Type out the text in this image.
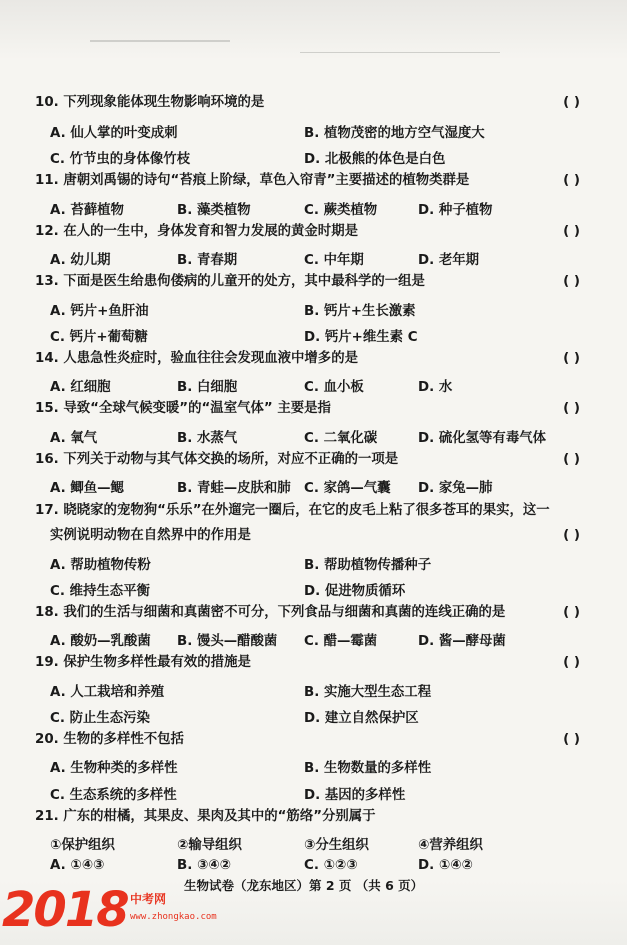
10. 下列现象能体现生物影响环境的是	( )
A. 仙人掌的叶变成刺	B. 植物茂密的地方空气湿度大
C. 竹节虫的身体像竹枝	D. 北极熊的体色是白色
11. 唐朝刘禹锡的诗句“苔痕上阶绿，草色入帘青”主要描述的植物类群是	( )
A. 苔藓植物	B. 藻类植物	C. 蕨类植物	D. 种子植物
12. 在人的一生中，身体发育和智力发展的黄金时期是	( )
A. 幼儿期	B. 青春期	C. 中年期	D. 老年期
13. 下面是医生给患佝偻病的儿童开的处方，其中最科学的一组是	( )
A. 钙片+鱼肝油	B. 钙片+生长激素
C. 钙片+葡萄糖	D. 钙片+维生素 C
14. 人患急性炎症时，验血往往会发现血液中增多的是	( )
A. 红细胞	B. 白细胞	C. 血小板	D. 水
15. 导致“全球气候变暖”的“温室气体” 主要是指	( )
A. 氧气	B. 水蒸气	C. 二氧化碳	D. 硫化氢等有毒气体
16. 下列关于动物与其气体交换的场所，对应不正确的一项是	( )
A. 鲫鱼—鳃	B. 青蛙—皮肤和肺 C. 家鸽—气囊 D. 家兔—肺
17. 晓晓家的宠物狗“乐乐”在外遛完一圈后，在它的皮毛上粘了很多苍耳的果实，这一
实例说明动物在自然界中的作用是	( )
A. 帮助植物传粉	B. 帮助植物传播种子
C. 维持生态平衡	D. 促进物质循环
18. 我们的生活与细菌和真菌密不可分，下列食品与细菌和真菌的连线正确的是	( )
A. 酸奶—乳酸菌 B. 馒头—醋酸菌 C. 醋—霉菌	D. 酱—酵母菌
19. 保护生物多样性最有效的措施是	( )
A. 人工栽培和养殖	B. 实施大型生态工程
C. 防止生态污染	D. 建立自然保护区
20. 生物的多样性不包括	( )
A. 生物种类的多样性	B. 生物数量的多样性
C. 生态系统的多样性	D. 基因的多样性
21. 广东的柑橘，其果皮、果肉及其中的“筋络”分别属于
①保护组织	②输导组织	③分生组织	④营养组织
A. ①④③	B. ③④②	C. ①②③	D. ①④②
生物试卷（龙东地区）第 2 页 （共 6 页）
2018 中考网
www.zhongkao.com
